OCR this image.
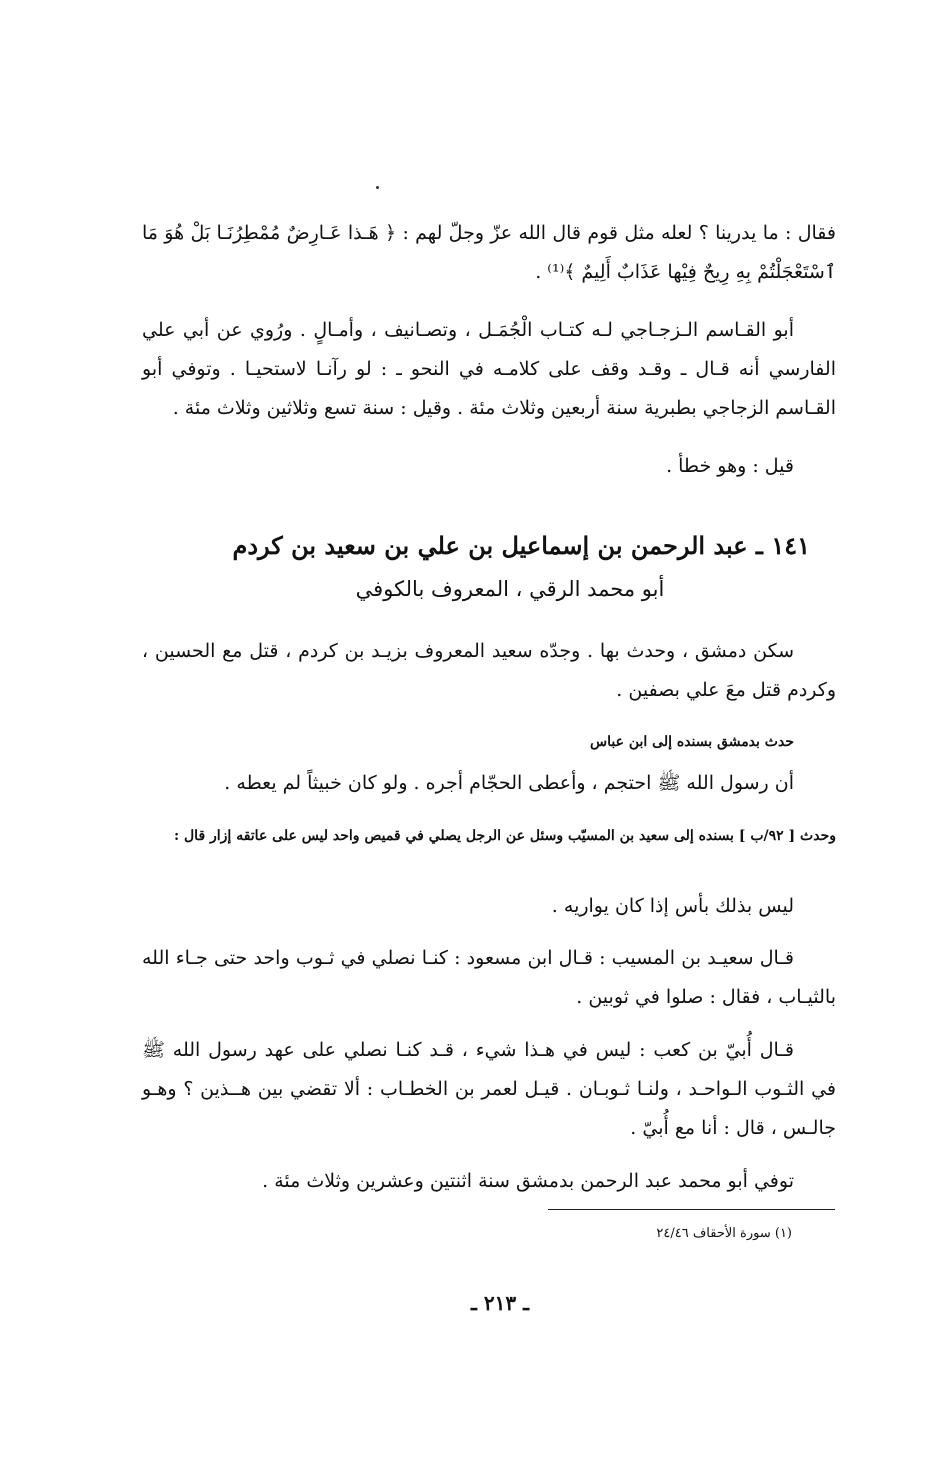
فقال : ما يدرينا ؟ لعله مثل قوم قال الله عزّ وجلّ لهم : ﴿ هَـذا عَـارِضٌ مُمْطِرُنَـا بَلْ هُوَ مَا ٱسْتَعْجَلْتُمْ بِهِ رِيحٌ فِيْها عَذَابٌ أَلِيمٌ ﴾⁽¹⁾ .

أبو القـاسم الـزجـاجي لـه كتـاب الْجُمَـل ، وتصـانيف ، وأمـالٍ . ورُوي عن أبي علي الفارسي أنه قـال ـ وقـد وقف على كلامـه في النحو ـ : لو رآنـا لاستحيـا . وتوفي أبو القـاسم الزجاجي بطبرية سنة أربعين وثلاث مئة . وقيل : سنة تسع وثلاثين وثلاث مئة .

قيل : وهو خطأ .

١٤١ ـ عبد الرحمن بن إسماعيل بن علي بن سعيد بن كردم
أبو محمد الرقي ، المعروف بالكوفي

سكن دمشق ، وحدث بها . وجدّه سعيد المعروف بزيـد بن كردم ، قتل مع الحسين ، وكردم قتل معَ علي بصفين .

حدث بدمشق بسنده إلى ابن عباس

أن رسول الله ﷺ احتجم ، وأعطى الحجّام أجره . ولو كان خبيثاً لم يعطه .

وحدث [ ٩٢/ب ] بسنده إلى سعيد بن المسيّب وسئل عن الرجل يصلي في قميص واحد ليس على عاتقه إزار قال :

ليس بذلك بأس إذا كان يواريه .

قـال سعيـد بن المسيب : قـال ابن مسعود : كنـا نصلي في ثـوب واحد حتى جـاء الله بالثيـاب ، فقال : صلوا في ثوبين .

قـال أُبيّ بن كعب : ليس في هـذا شيء ، قـد كنـا نصلي على عهد رسول الله ﷺ في الثـوب الـواحـد ، ولنـا ثـوبـان . قيـل لعمر بن الخطـاب : ألا تقضي بين هــذين ؟ وهـو جالـس ، قال : أنا مع أُبيّ .

توفي أبو محمد عبد الرحمن بدمشق سنة اثنتين وعشرين وثلاث مئة .

(١) سورة الأحقاف ٢٤/٤٦
ـ ٢١٣ ـ
